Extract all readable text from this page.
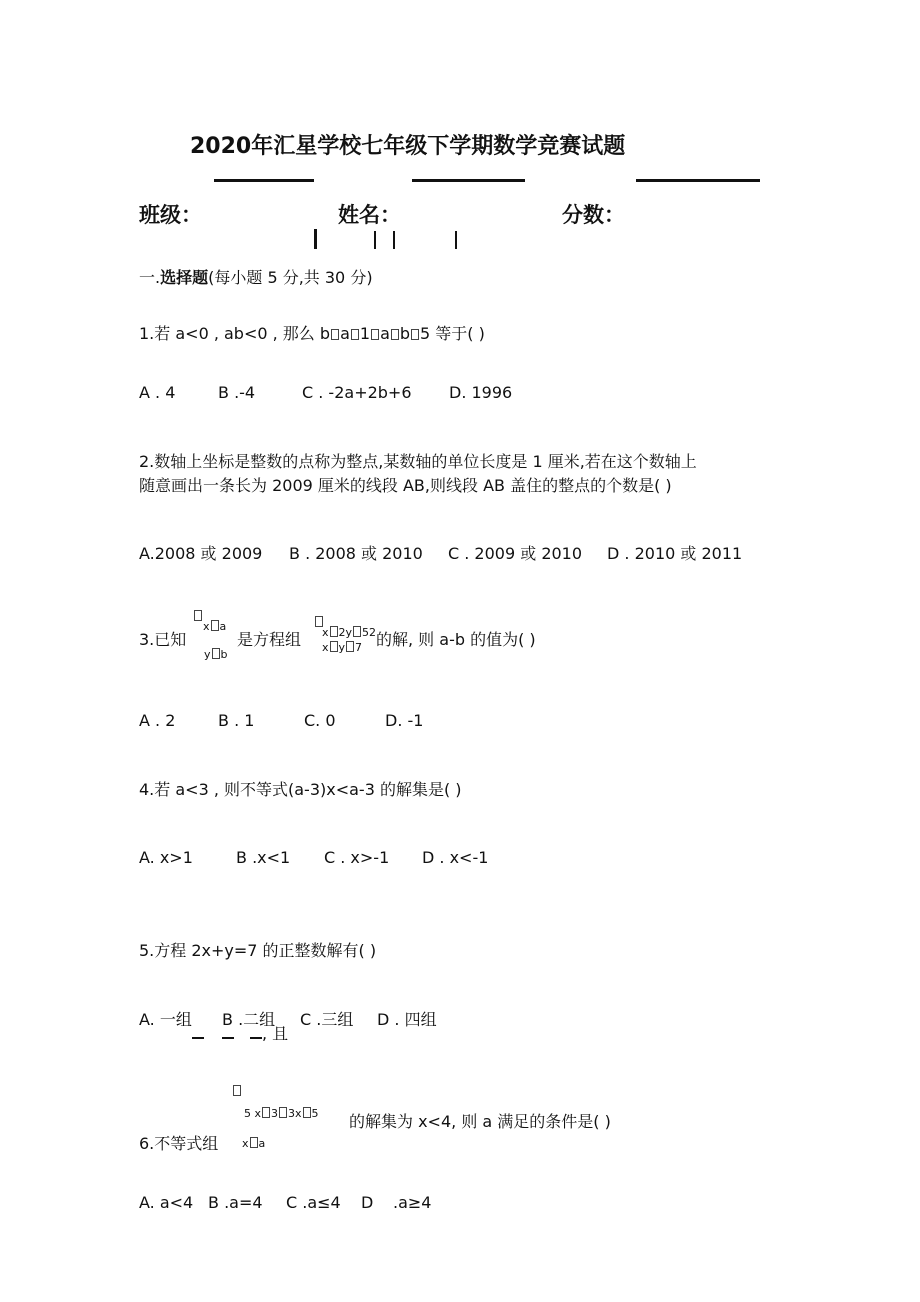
2020年汇星学校七年级下学期数学竞赛试题
班级：	姓名：	分数：
一.选择题(每小题 5 分,共 30 分)
1.若 a<0 , ab<0 , 那么 b a 1 a b 5 等于( )
A . 4	B .-4	C . -2a+2b+6 D. 1996
2.数轴上坐标是整数的点称为整点,某数轴的单位长度是 1 厘米,若在这个数轴上
随意画出一条长为 2009 厘米的线段 AB,则线段 AB 盖住的整点的个数是( )
A.2008 或 2009 B . 2008 或 2010 C . 2009 或 2010 D . 2010 或 2011
3.已知
x a
y b
是方程组 x 2y 52
x y 7 的解, 则 a-b 的值为( )
A . 2	B . 1	C. 0	D. -1
4.若 a<3 , 则不等式(a-3)x<a-3 的解集是( )
A. x>1	B .x<1 C . x>-1 D . x<-1
5.方程 2x+y=7 的正整数解有( )
A. 一组 B .二组 C .三组 D . 四组
, 且
5 x 3 3x 5 的解集为 x<4, 则 a 满足的条件是( )
6.不等式组 x a
A. a<4 B .a=4 C .a≤4 D .a≥4
